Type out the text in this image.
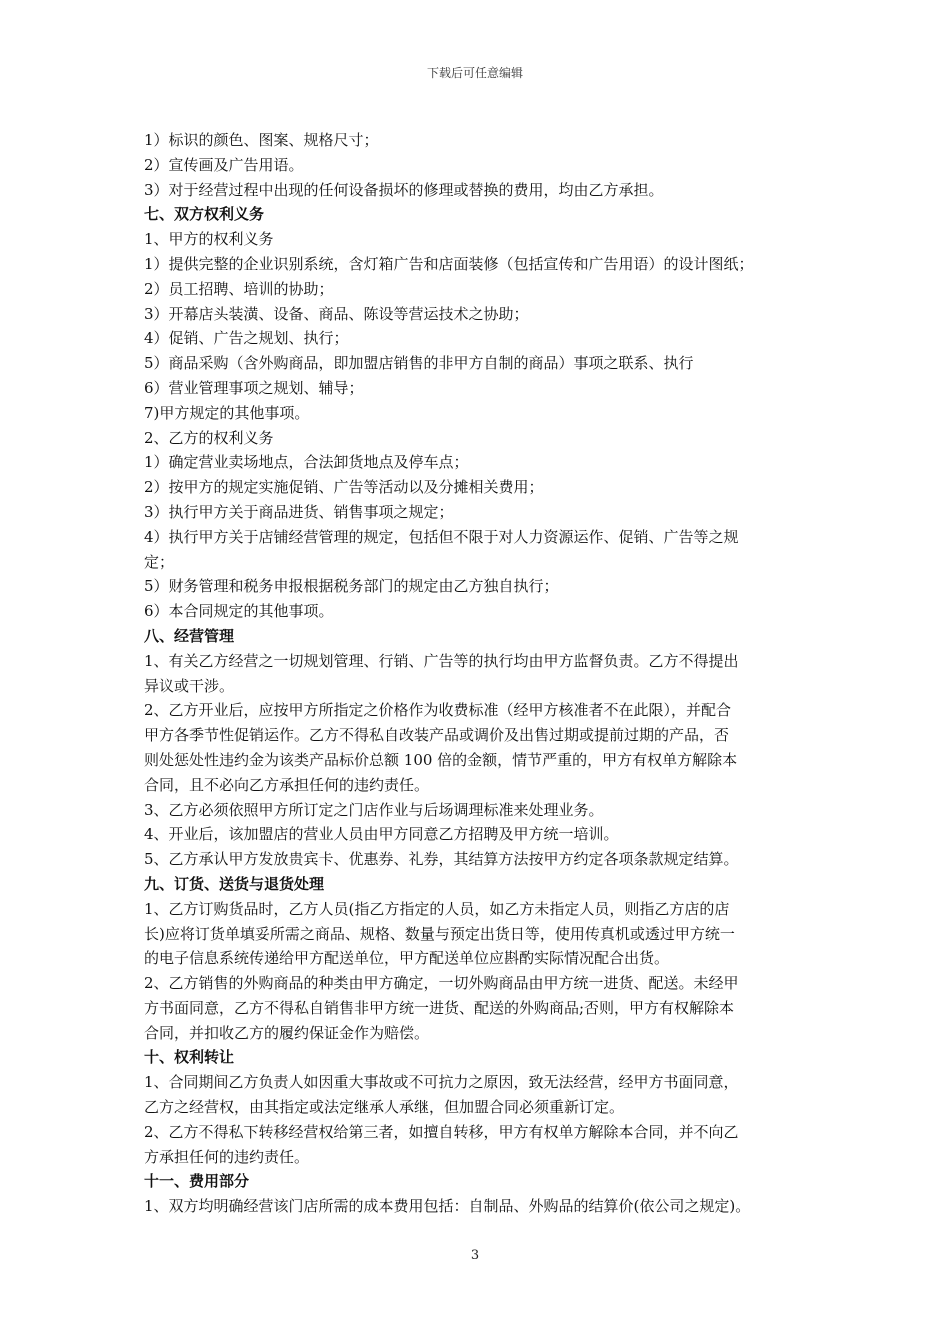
下载后可任意编辑
1）标识的颜色、图案、规格尺寸；
2）宣传画及广告用语。
3）对于经营过程中出现的任何设备损坏的修理或替换的费用，均由乙方承担。
七、双方权利义务
1、甲方的权利义务
1）提供完整的企业识别系统，含灯箱广告和店面装修（包括宣传和广告用语）的设计图纸；
2）员工招聘、培训的协助；
3）开幕店头装潢、设备、商品、陈设等营运技术之协助；
4）促销、广告之规划、执行；
5）商品采购（含外购商品，即加盟店销售的非甲方自制的商品）事项之联系、执行
6）营业管理事项之规划、辅导；
7)甲方规定的其他事项。
2、乙方的权利义务
1）确定营业卖场地点，合法卸货地点及停车点；
2）按甲方的规定实施促销、广告等活动以及分摊相关费用；
3）执行甲方关于商品进货、销售事项之规定；
4）执行甲方关于店铺经营管理的规定，包括但不限于对人力资源运作、促销、广告等之规
定；
5）财务管理和税务申报根据税务部门的规定由乙方独自执行；
6）本合同规定的其他事项。
八、经营管理
1、有关乙方经营之一切规划管理、行销、广告等的执行均由甲方监督负责。乙方不得提出
异议或干涉。
2、乙方开业后，应按甲方所指定之价格作为收费标准（经甲方核准者不在此限），并配合
甲方各季节性促销运作。乙方不得私自改装产品或调价及出售过期或提前过期的产品，否
则处惩处性违约金为该类产品标价总额 100 倍的金额，情节严重的，甲方有权单方解除本
合同，且不必向乙方承担任何的违约责任。
3、乙方必须依照甲方所订定之门店作业与后场调理标准来处理业务。
4、开业后，该加盟店的营业人员由甲方同意乙方招聘及甲方统一培训。
5、乙方承认甲方发放贵宾卡、优惠券、礼券，其结算方法按甲方约定各项条款规定结算。
九、订货、送货与退货处理
1、乙方订购货品时，乙方人员(指乙方指定的人员，如乙方未指定人员，则指乙方店的店
长)应将订货单填妥所需之商品、规格、数量与预定出货日等，使用传真机或透过甲方统一
的电子信息系统传递给甲方配送单位，甲方配送单位应斟酌实际情况配合出货。
2、乙方销售的外购商品的种类由甲方确定，一切外购商品由甲方统一进货、配送。未经甲
方书面同意，乙方不得私自销售非甲方统一进货、配送的外购商品;否则，甲方有权解除本
合同，并扣收乙方的履约保证金作为赔偿。
十、权利转让
1、合同期间乙方负责人如因重大事故或不可抗力之原因，致无法经营，经甲方书面同意，
乙方之经营权，由其指定或法定继承人承继，但加盟合同必须重新订定。
2、乙方不得私下转移经营权给第三者，如擅自转移，甲方有权单方解除本合同，并不向乙
方承担任何的违约责任。
十一、费用部分
1、双方均明确经营该门店所需的成本费用包括：自制品、外购品的结算价(依公司之规定)。
3
